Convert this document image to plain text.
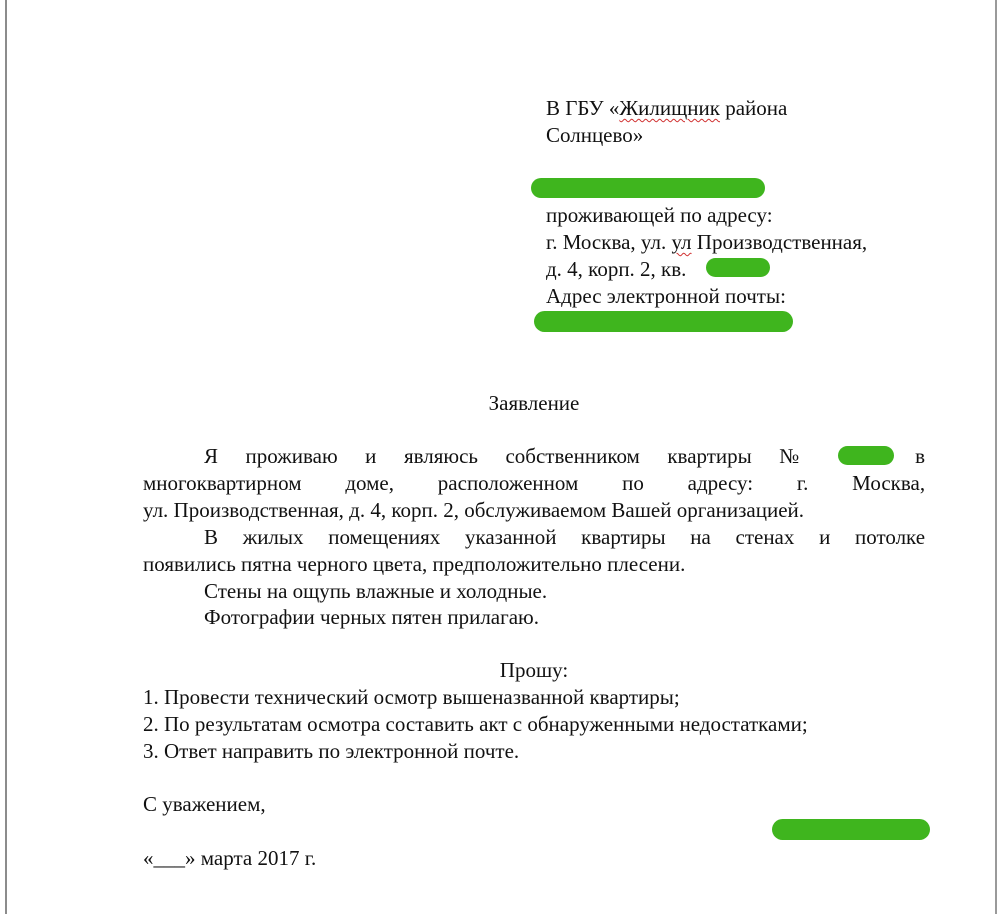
В ГБУ «Жилищник района
Солнцево»
проживающей по адресу:
г. Москва, ул. ул Производственная,
д. 4, корп. 2, кв.
Адрес электронной почты:
Заявление
Я проживаю и являюсь собственником квартиры №	в
многоквартирном доме, расположенном по адресу: г. Москва,
ул. Производственная, д. 4, корп. 2, обслуживаемом Вашей организацией.
В жилых помещениях указанной квартиры на стенах и потолке
появились пятна черного цвета, предположительно плесени.
Стены на ощупь влажные и холодные.
Фотографии черных пятен прилагаю.
Прошу:
1. Провести технический осмотр вышеназванной квартиры;
2. По результатам осмотра составить акт с обнаруженными недостатками;
3. Ответ направить по электронной почте.
С уважением,
«___» марта 2017 г.
